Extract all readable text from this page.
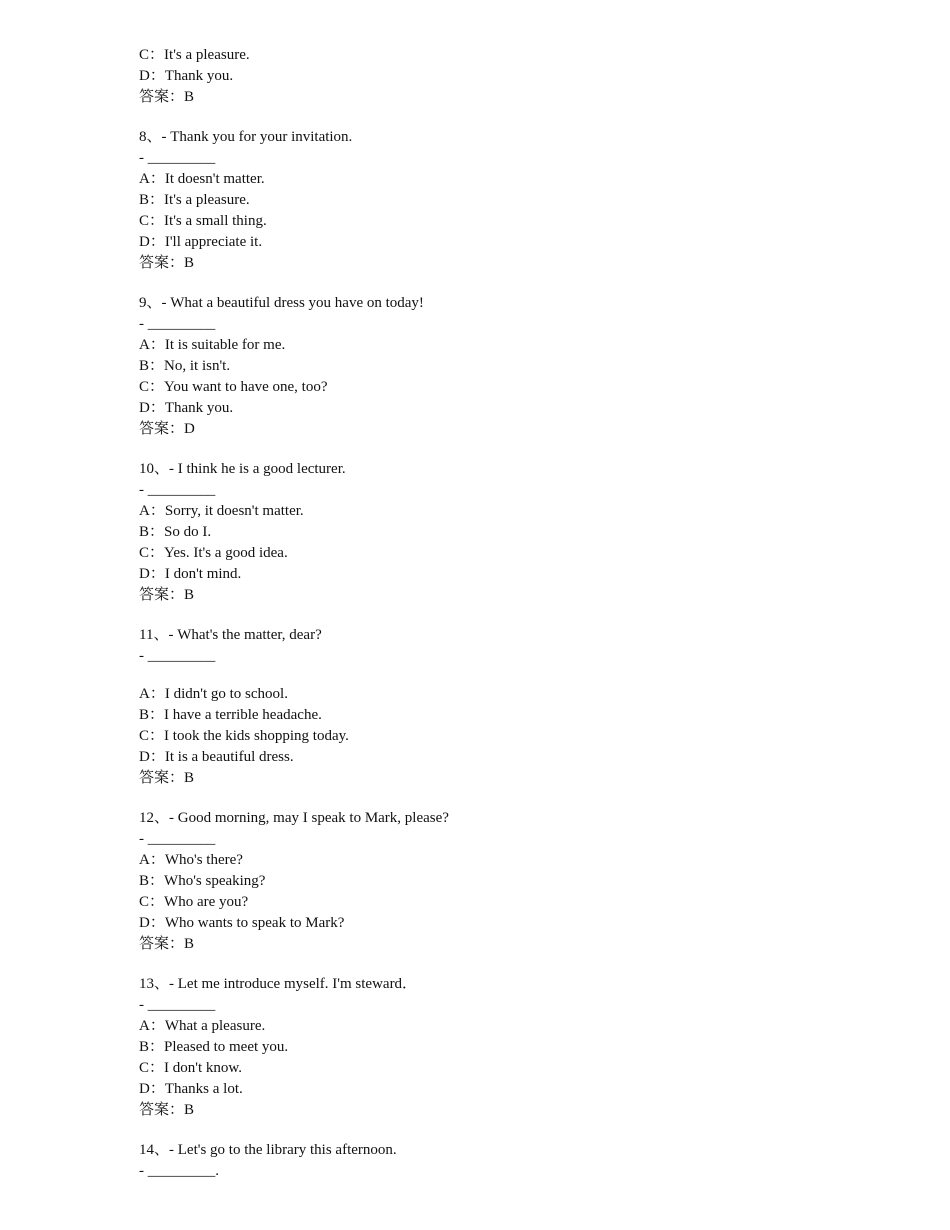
C：It's a pleasure.
D：Thank you.
答案：B
8、- Thank you for your invitation.
- _________
A：It doesn't matter.
B：It's a pleasure.
C：It's a small thing.
D：I'll appreciate it.
答案：B
9、- What a beautiful dress you have on today!
- _________
A：It is suitable for me.
B：No, it isn't.
C：You want to have one, too?
D：Thank you.
答案：D
10、- I think he is a good lecturer.
- _________
A：Sorry, it doesn't matter.
B：So do I.
C：Yes. It's a good idea.
D：I don't mind.
答案：B
11、- What's the matter, dear?
- _________
A：I didn't go to school.
B：I have a terrible headache.
C：I took the kids shopping today.
D：It is a beautiful dress.
答案：B
12、- Good morning, may I speak to Mark, please?
- _________
A：Who's there?
B：Who's speaking?
C：Who are you?
D：Who wants to speak to Mark?
答案：B
13、- Let me introduce myself. I'm steward．
- _________
A：What a pleasure.
B：Pleased to meet you.
C：I don't know.
D：Thanks a lot.
答案：B
14、- Let's go to the library this afternoon.
- _________.
